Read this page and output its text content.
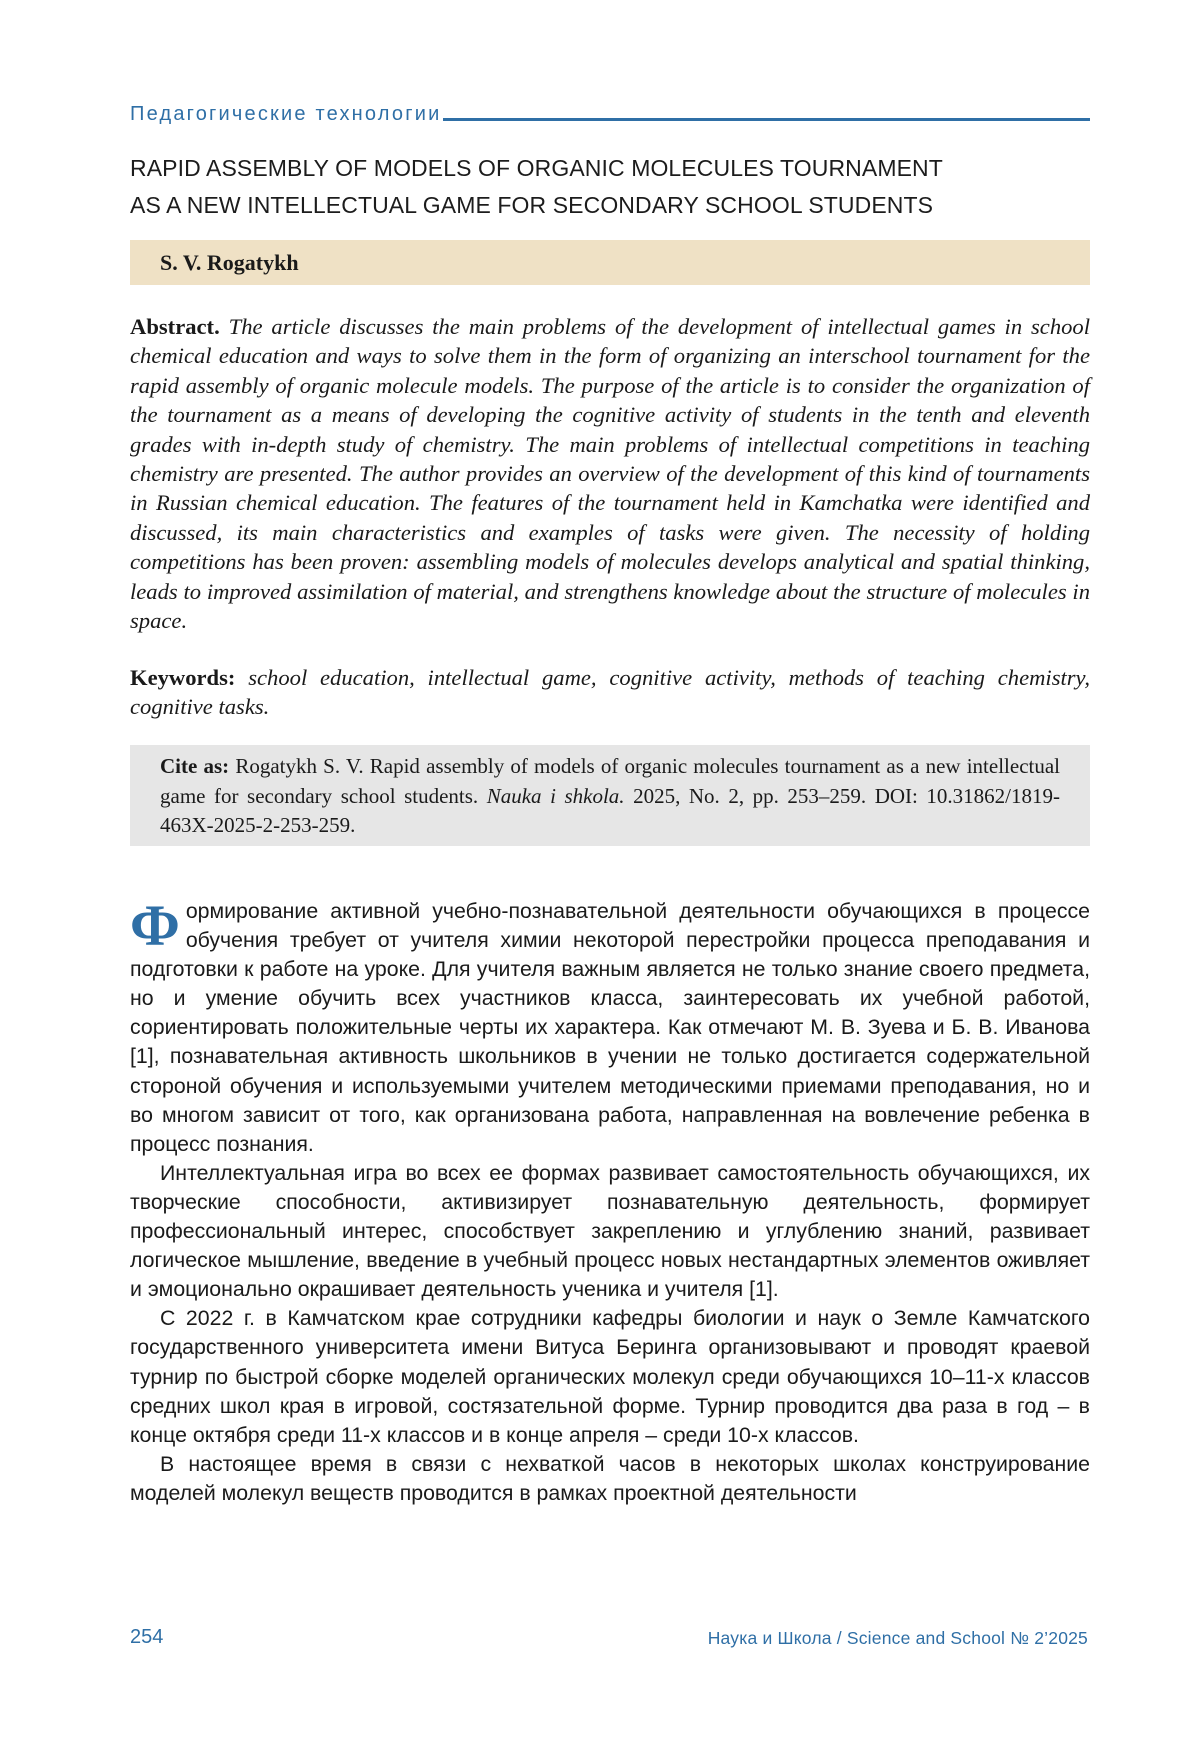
Педагогические технологии
RAPID ASSEMBLY OF MODELS OF ORGANIC MOLECULES TOURNAMENT
AS A NEW INTELLECTUAL GAME FOR SECONDARY SCHOOL STUDENTS
S. V. Rogatykh
Abstract. The article discusses the main problems of the development of intellectual games in school chemical education and ways to solve them in the form of organizing an interschool tournament for the rapid assembly of organic molecule models. The purpose of the article is to consider the organization of the tournament as a means of developing the cognitive activity of students in the tenth and eleventh grades with in-depth study of chemistry. The main problems of intellectual competitions in teaching chemistry are presented. The author provides an overview of the development of this kind of tournaments in Russian chemical education. The features of the tournament held in Kamchatka were identified and discussed, its main characteristics and examples of tasks were given. The necessity of holding competitions has been proven: assembling models of molecules develops analytical and spatial thinking, leads to improved assimilation of material, and strengthens knowledge about the structure of molecules in space.
Keywords: school education, intellectual game, cognitive activity, methods of teaching chemistry, cognitive tasks.
Cite as: Rogatykh S. V. Rapid assembly of models of organic molecules tournament as a new intellectual game for secondary school students. Nauka i shkola. 2025, No. 2, pp. 253–259. DOI: 10.31862/1819-463X-2025-2-253-259.

Формирование активной учебно-познавательной деятельности обучающихся в процессе обучения требует от учителя химии некоторой перестройки процесса преподавания и подготовки к работе на уроке. Для учителя важным является не только знание своего предмета, но и умение обучить всех участников класса, заинтересовать их учебной работой, сориентировать положительные черты их характера. Как отмечают М. В. Зуева и Б. В. Иванова [1], познавательная активность школьников в учении не только достигается содержательной стороной обучения и используемыми учителем методическими приемами преподавания, но и во многом зависит от того, как организована работа, направленная на вовлечение ребенка в процесс познания.

Интеллектуальная игра во всех ее формах развивает самостоятельность обучающихся, их творческие способности, активизирует познавательную деятельность, формирует профессиональный интерес, способствует закреплению и углублению знаний, развивает логическое мышление, введение в учебный процесс новых нестандартных элементов оживляет и эмоционально окрашивает деятельность ученика и учителя [1].

С 2022 г. в Камчатском крае сотрудники кафедры биологии и наук о Земле Камчатского государственного университета имени Витуса Беринга организовывают и проводят краевой турнир по быстрой сборке моделей органических молекул среди обучающихся 10–11-х классов средних школ края в игровой, состязательной форме. Турнир проводится два раза в год – в конце октября среди 11-х классов и в конце апреля – среди 10-х классов.

В настоящее время в связи с нехваткой часов в некоторых школах конструирование моделей молекул веществ проводится в рамках проектной деятельности

254	Наука и Школа / Science and School № 2’2025
